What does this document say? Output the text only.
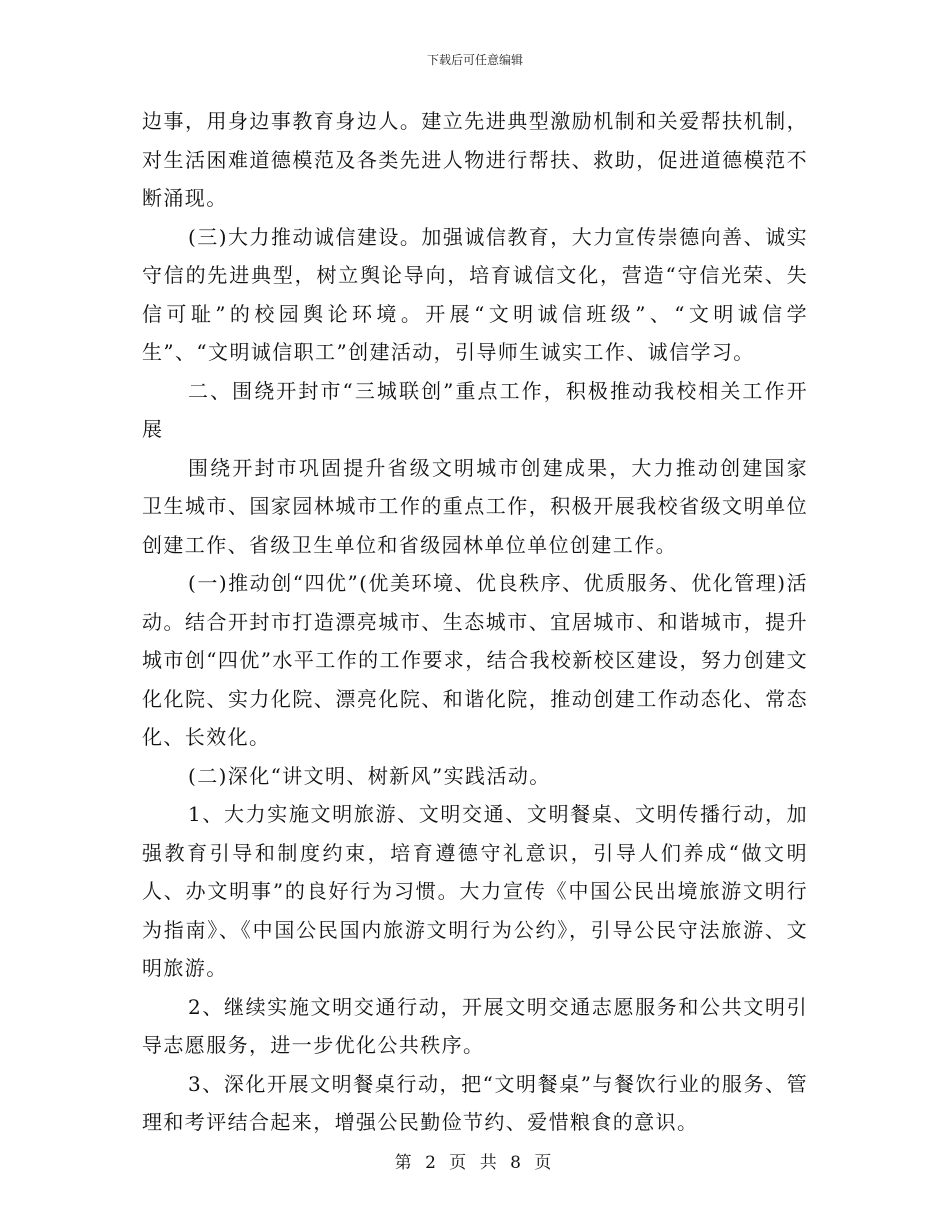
下载后可任意编辑

边事，用身边事教育身边人。建立先进典型激励机制和关爱帮扶机制，对生活困难道德模范及各类先进人物进行帮扶、救助，促进道德模范不断涌现。

(三)大力推动诚信建设。加强诚信教育，大力宣传崇德向善、诚实守信的先进典型，树立舆论导向，培育诚信文化，营造“守信光荣、失信可耻”的校园舆论环境。开展“文明诚信班级”、“文明诚信学生”、“文明诚信职工”创建活动，引导师生诚实工作、诚信学习。

二、围绕开封市“三城联创”重点工作，积极推动我校相关工作开展

围绕开封市巩固提升省级文明城市创建成果，大力推动创建国家卫生城市、国家园林城市工作的重点工作，积极开展我校省级文明单位创建工作、省级卫生单位和省级园林单位单位创建工作。

(一)推动创“四优”(优美环境、优良秩序、优质服务、优化管理)活动。结合开封市打造漂亮城市、生态城市、宜居城市、和谐城市，提升城市创“四优”水平工作的工作要求，结合我校新校区建设，努力创建文化化院、实力化院、漂亮化院、和谐化院，推动创建工作动态化、常态化、长效化。

(二)深化“讲文明、树新风”实践活动。

1、大力实施文明旅游、文明交通、文明餐桌、文明传播行动，加强教育引导和制度约束，培育遵德守礼意识，引导人们养成“做文明人、办文明事”的良好行为习惯。大力宣传《中国公民出境旅游文明行为指南》、《中国公民国内旅游文明行为公约》，引导公民守法旅游、文明旅游。

2、继续实施文明交通行动，开展文明交通志愿服务和公共文明引导志愿服务，进一步优化公共秩序。

3、深化开展文明餐桌行动，把“文明餐桌”与餐饮行业的服务、管理和考评结合起来，增强公民勤俭节约、爱惜粮食的意识。

第 2 页 共 8 页
